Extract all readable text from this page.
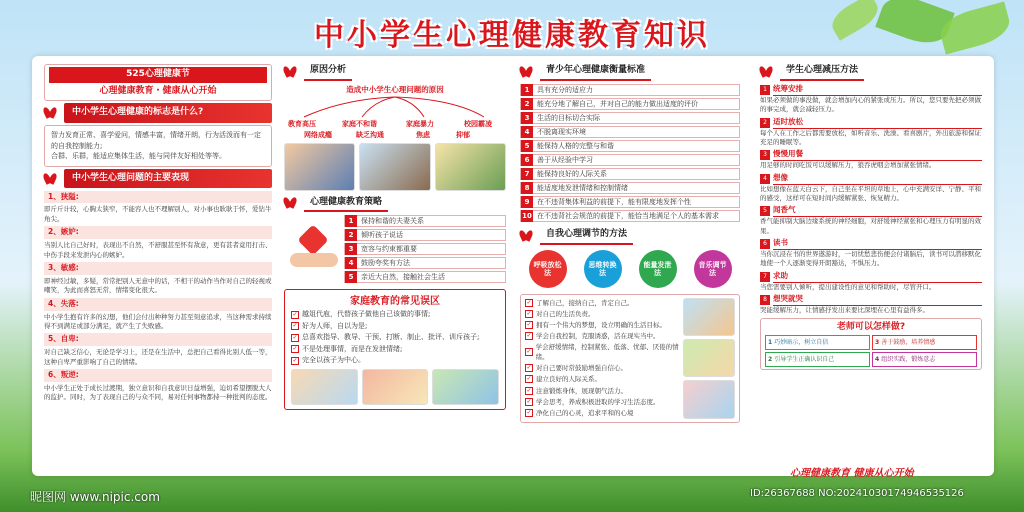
中小学生心理健康教育知识
525心理健康节
心理健康教育・健康从心开始
中小学生心理健康的标志是什么?
智力发育正常、喜学爱问，情感丰富，情绪开朗，行为活泼而有一定的自我控制能力;
合群、乐群，能适应集体生活，能与同伴友好相处等等。
中小学生心理问题的主要表现
1、狭隘:
即斤斤计较，心胸太狭窄，不能容人也不理解别人，对小事也耿耿于怀，爱钻牛角尖。
2、嫉妒:
当别人比自己好时，表现出不自然，不舒服甚至怀有敌意，更有甚者竟用打击、中伤手段来发泄内心的嫉妒。
3、敏感:
即神经过敏，多疑，常常把别人无意中的话，不相干的动作当作对自己的轻视或嘲笑，为此而喜怒无常，情绪变化很大。
4、失落:
中小学生抱有许多的幻想，他们会付出种种努力甚至刻意追求，当这种需求持续得不到满足或部分满足，就产生了失败感。
5、自卑:
对自己缺乏信心，无论是学习上，还是在生活中，总把自己看得比别人低一等，这种自卑严重影响了自己的情绪。
6、叛逆:
中小学生正处于成长过渡期，独立意识和自我意识日益增强，迫切希望摆脱大人的监护。同时，为了表现自己的与众不同，易对任何事物都持一种批判的态度。
原因分析
造成中小学生心理问题的原因
教育高压	家庭不和谐	家庭暴力	校园霸凌
网络成瘾	缺乏沟通	焦虑	抑郁
心理健康教育策略
1	保持和谐的夫妻关系
2	倾听孩子说话
3	宽容与约束都重要
4	鼓励夸奖有方法
5	亲近大自然，接触社会生活
家庭教育的常见误区
✓ 越俎代庖，代替孩子做他自己该做的事情;
✓ 好为人师，自以为是;
✓ 总喜欢指导、教导、干预、打断、制止、批评、训斥孩子;
✓ 不是处理事情，而是在发泄情绪;
✓ 完全以孩子为中心。
青少年心理健康衡量标准
1	具有充分的适应力
2	能充分地了解自己，并对自己的能力做出适度的评价
3	生活的目标切合实际
4	不脱离现实环境
5	能保持人格的完整与和谐
6	善于从经验中学习
7	能保持良好的人际关系
8	能适度地发泄情绪和控制情绪
9	在不违背集体利益的前提下，能有限度地发挥个性
10 在不违背社会规范的前提下，能恰当地满足个人的基本需求
自我心理调节的方法
呼吸放松法
思维转换法
能量发泄法
音乐调节法
✓ 了解自己，接纳自己，肯定自己。
✓ 对自己的生活负责。
✓ 拥有一个伟大的梦想，设立明确的生活目标。
✓ 学会自我控制，克服诱惑，活在现实当中。
✓
学会舒缓情绪，控制紧张、低落、忧郁、厌倦的情绪。
✓ 对自己要时常鼓励增强自信心。
✓ 建立良好的人际关系。
✓ 注意锻炼身体，展现朝气活力。
✓ 学会思考，养成积极进取的学习生活态度。
✓ 净化自己的心灵，追求平和的心境
学生心理减压方法
1 统筹安排
如果必须做的事没做，就会增加内心的紧张或压力。所以，您只要先把必须做的事完成，就会减轻压力。
2 适时放松
每个人在工作之后都需要放松，如听音乐、洗澡、看喜剧片，外出旅游和保证充足的睡眠等。
3 慢慢用餐
用足够的时间吃饭可以缓解压力，狼吞虎咽会增加紧张情绪。
4 想像
比如想像在蓝天白云下，自己坐在平坦的草地上，心中充满安详、宁静、平和的感受，这样可在短时间内缓解紧张、恢复精力。
5 闻香气
香气能抑制大脑边缘系统的神经细胞，对舒缓神经紧张和心理压力有明显的效果。
6 读书
当你沉浸在书的世界遨游时，一切忧愁悲伤便会付诸脑后，读书可以潜移默化地使一个人逐渐变得开朗豁达，不惧压力。
7 求助
当您需要别人倾听，提出建设性的意见和帮助时，尽管开口。
8 想哭就哭
哭能缓解压力，让情感抒发出来要比深埋在心里有益得多。
老师可以怎样做?
1 巧妙暗示，树立自信	3 善于鼓励，培养情感
2 引导学生正确认识自己	4 组织实践，锻炼意志
心理健康教育 健康从心开始
昵图网 www.nipic.com	ID:26367688 NO:20241030174946535126
